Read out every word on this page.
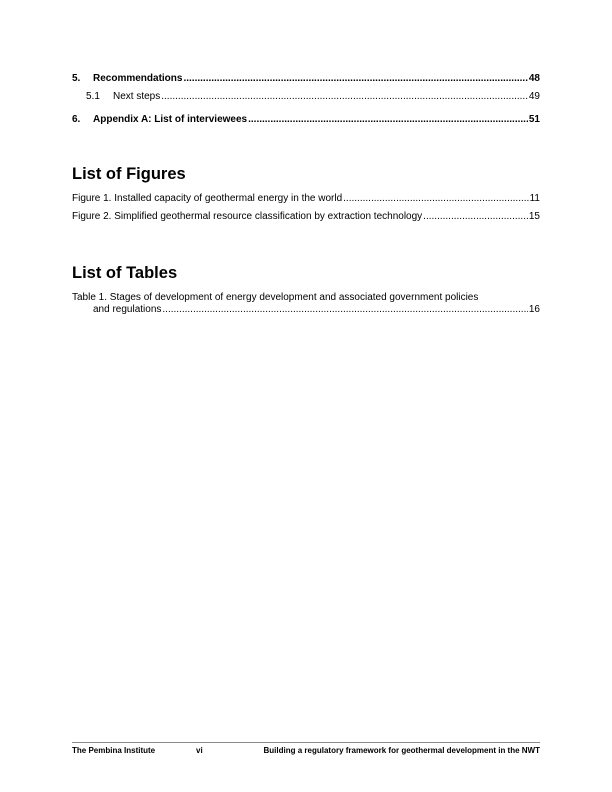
5.	Recommendations .....	48
5.1	Next steps .....	49
6.	Appendix A: List of interviewees .....	51
List of Figures
Figure 1. Installed capacity of geothermal energy in the world .....	11
Figure 2. Simplified geothermal resource classification by extraction technology .....	15
List of Tables
Table 1. Stages of development of energy development and associated government policies
and regulations .....	16
The Pembina Institute	vi	Building a regulatory framework for geothermal development in the NWT
